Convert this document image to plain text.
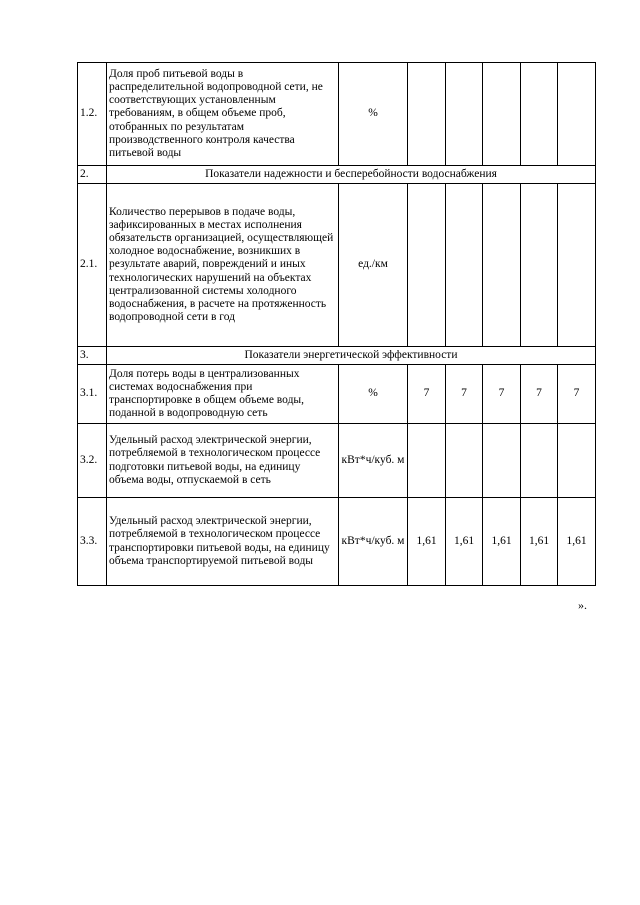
1.2.	Доля проб питьевой воды в распределительной водопроводной сети, не соответствующих установленным требованиям, в общем объеме проб, отобранных по результатам производственного контроля качества питьевой воды	%					
2.	Показатели надежности и бесперебойности водоснабжения						
2.1.	Количество перерывов в подаче воды, зафиксированных в местах исполнения обязательств организацией, осуществляющей холодное водоснабжение, возникших в результате аварий, повреждений и иных технологических нарушений на объектах централизованной системы холодного водоснабжения, в расчете на протяженность водопроводной сети в год	ед./км					
3.	Показатели энергетической эффективности						
3.1.	Доля потерь воды в централизованных системах водоснабжения при транспортировке в общем объеме воды, поданной в водопроводную сеть	%	7	7	7	7	7
3.2.	Удельный расход электрической энергии, потребляемой в технологическом процессе подготовки питьевой воды, на единицу объема воды, отпускаемой в сеть	кВт*ч/куб. м					
3.3.	Удельный расход электрической энергии, потребляемой в технологическом процессе транспортировки питьевой воды, на единицу объема транспортируемой питьевой воды	кВт*ч/куб. м	1,61	1,61	1,61	1,61	1,61
».
